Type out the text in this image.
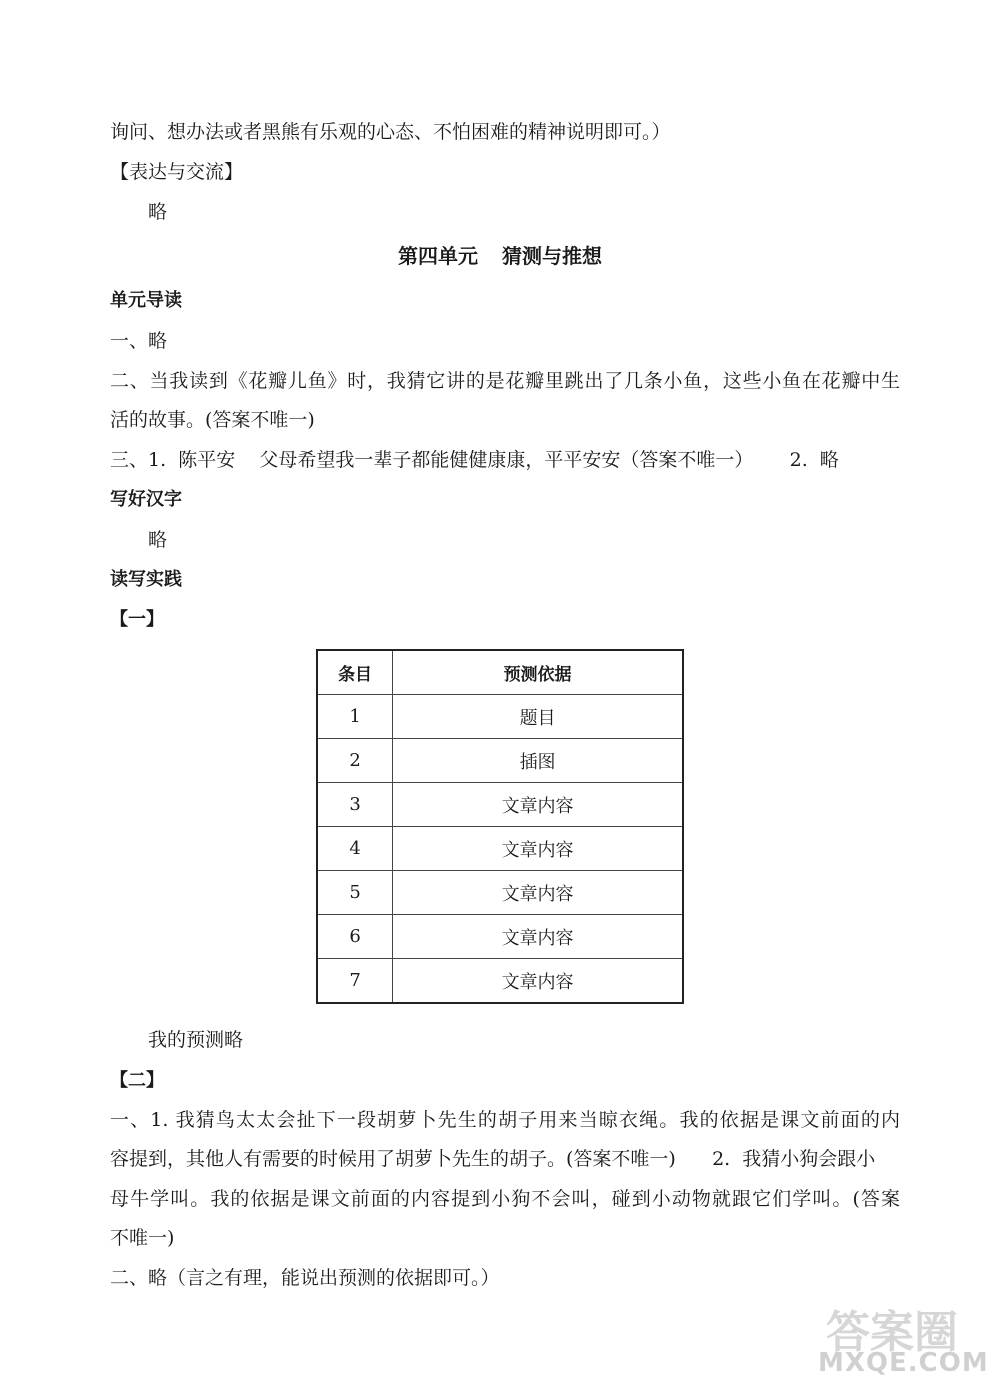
询问、想办法或者黑熊有乐观的心态、不怕困难的精神说明即可。）
【表达与交流】
略
第四单元 猜测与推想
单元导读
一、略
二、当我读到《花瓣儿鱼》时，我猜它讲的是花瓣里跳出了几条小鱼，这些小鱼在花瓣中生
活的故事。(答案不唯一)
三、1.  陈平安    父母希望我一辈子都能健健康康，平平安安（答案不唯一）      2.  略
写好汉字
略
读写实践
【一】
条目	预测依据
1	题目
2	插图
3	文章内容
4	文章内容
5	文章内容
6	文章内容
7	文章内容
我的预测略
【二】
一、1. 我猜鸟太太会扯下一段胡萝卜先生的胡子用来当晾衣绳。我的依据是课文前面的内
容提到，其他人有需要的时候用了胡萝卜先生的胡子。(答案不唯一)      2.  我猜小狗会跟小
母牛学叫。我的依据是课文前面的内容提到小狗不会叫，碰到小动物就跟它们学叫。(答案
不唯一)
二、略（言之有理，能说出预测的依据即可。）
答案圈
MXQE.COM
